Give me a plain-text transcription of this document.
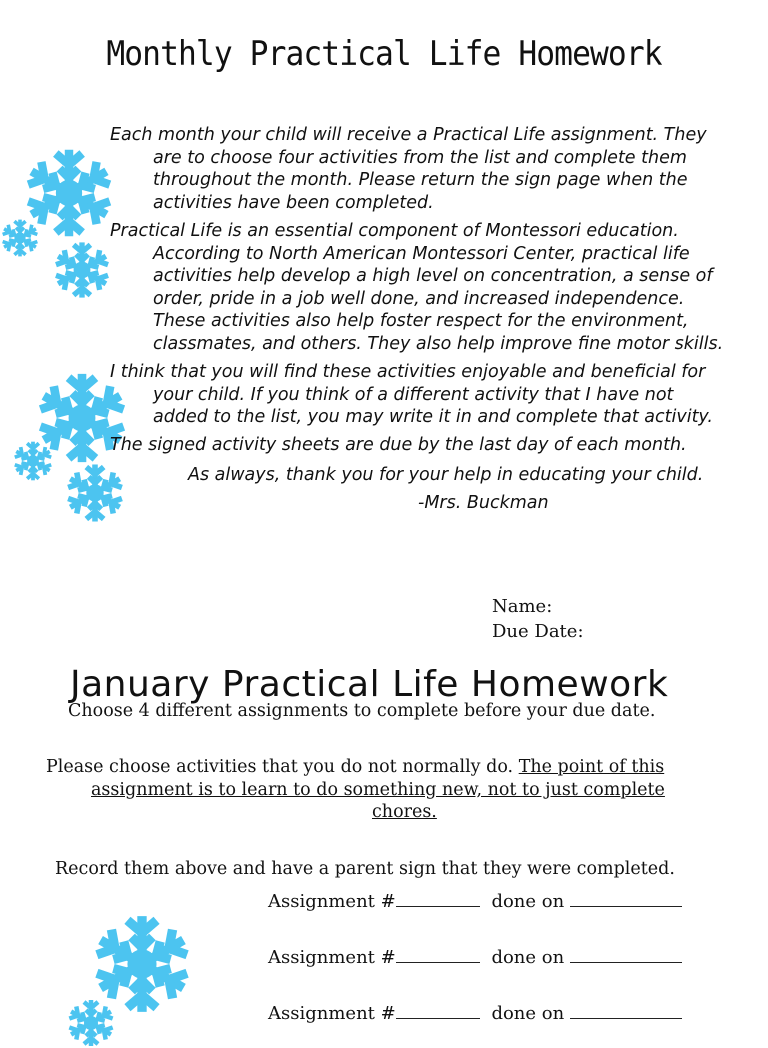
Monthly Practical Life Homework
Each month your child will receive a Practical Life assignment. They
are to choose four activities from the list and complete them
throughout the month. Please return the sign page when the
activities have been completed.
Practical Life is an essential component of Montessori education.
According to North American Montessori Center, practical life
activities help develop a high level on concentration, a sense of
order, pride in a job well done, and increased independence.
These activities also help foster respect for the environment,
classmates, and others. They also help improve fine motor skills.
I think that you will find these activities enjoyable and beneficial for
your child. If you think of a different activity that I have not
added to the list, you may write it in and complete that activity.
The signed activity sheets are due by the last day of each month.
As always, thank you for your help in educating your child.
-Mrs. Buckman
Name:
Due Date:
January Practical Life Homework
Choose 4 different assignments to complete before your due date.
Please choose activities that you do not normally do. The point of this
assignment is to learn to do something new, not to just complete
chores.
Record them above and have a parent sign that they were completed.
Assignment #	done on
Assignment #	done on
Assignment #	done on
